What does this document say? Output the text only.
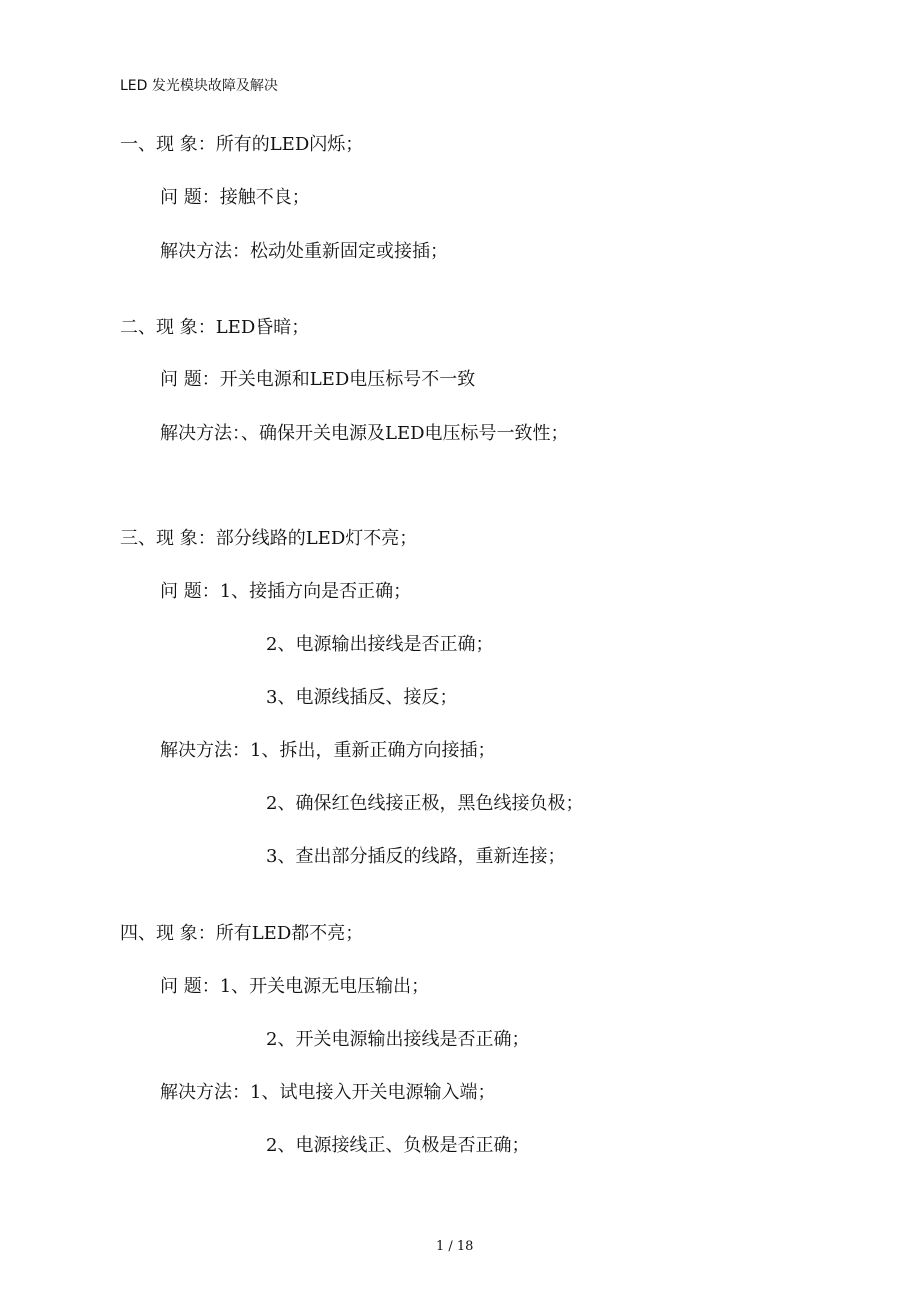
LED 发光模块故障及解决
一、现 象：所有的LED闪烁；
问 题：接触不良；
解决方法：松动处重新固定或接插；
二、现 象：LED昏暗；
问 题：开关电源和LED电压标号不一致
解决方法：、确保开关电源及LED电压标号一致性；
三、现 象：部分线路的LED灯不亮；
问 题：1、接插方向是否正确；
2、电源输出接线是否正确；
3、电源线插反、接反；
解决方法：1、拆出，重新正确方向接插；
2、确保红色线接正极，黑色线接负极；
3、查出部分插反的线路，重新连接；
四、现 象：所有LED都不亮；
问 题：1、开关电源无电压输出；
2、开关电源输出接线是否正确；
解决方法：1、试电接入开关电源输入端；
2、电源接线正、负极是否正确；
1 / 18
